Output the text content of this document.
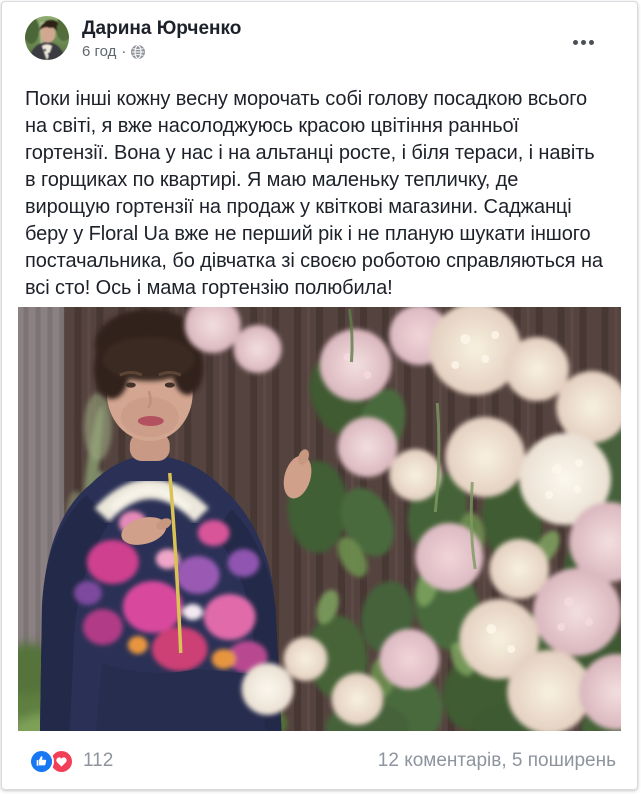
Дарина Юрченко
6 год ·
Поки інші кожну весну морочать собі голову посадкою всього на світі, я вже насолоджуюсь красою цвітіння ранньої гортензії. Вона у нас і на альтанці росте, і біля тераси, і навіть в горщиках по квартирі. Я маю маленьку тепличку, де вирощую гортензії на продаж у квіткові магазини. Саджанці беру у Floral Ua вже не перший рік і не планую шукати іншого постачальника, бо дівчатка зі своєю роботою справляються на всі сто! Ось і мама гортензію полюбила!
112	12 коментарів, 5 поширень
